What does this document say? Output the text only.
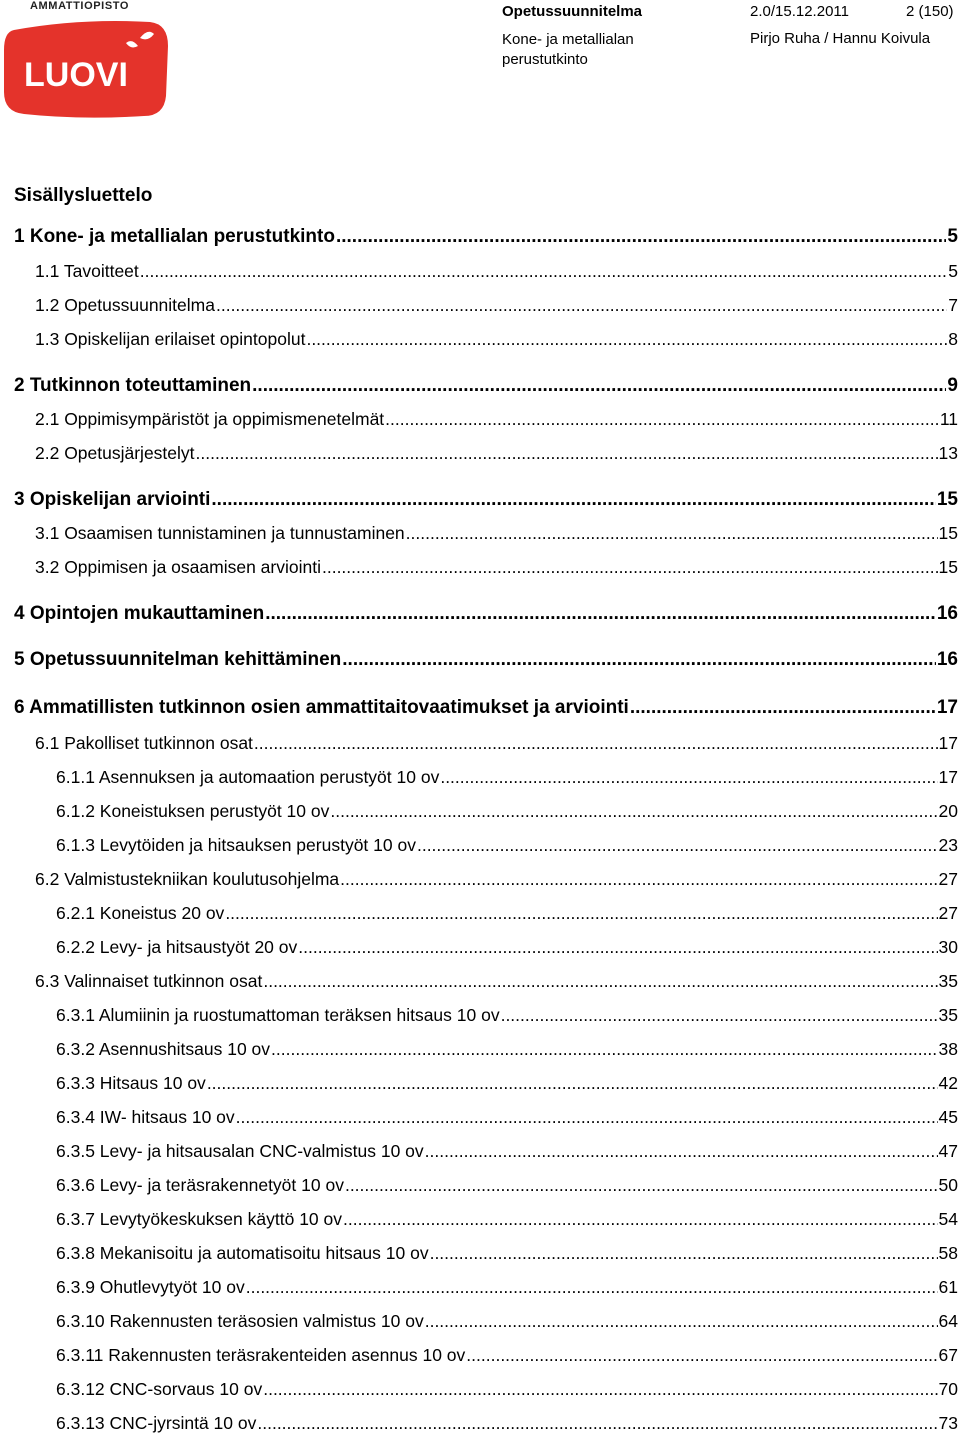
AMMATTIOPISTO
LUOVI
Opetussuunnitelma
Kone- ja metallialan perustutkinto
2.0/15.12.2011	2 (150)
Pirjo Ruha / Hannu Koivula
Sisällysluettelo
1 Kone- ja metallialan perustutkinto .....	5
1.1 Tavoitteet .....	5
1.2 Opetussuunnitelma .....	7
1.3 Opiskelijan erilaiset opintopolut .....	8
2 Tutkinnon toteuttaminen .....	9
2.1 Oppimisympäristöt ja oppimismenetelmät .....	11
2.2 Opetusjärjestelyt .....	13
3 Opiskelijan arviointi .....	15
3.1 Osaamisen tunnistaminen ja tunnustaminen .....	15
3.2 Oppimisen ja osaamisen arviointi .....	15
4 Opintojen mukauttaminen .....	16
5 Opetussuunnitelman kehittäminen .....	16
6 Ammatillisten tutkinnon osien ammattitaitovaatimukset ja arviointi .....	17
6.1 Pakolliset tutkinnon osat .....	17
6.1.1 Asennuksen ja automaation perustyöt 10 ov .....	17
6.1.2 Koneistuksen perustyöt 10 ov .....	20
6.1.3 Levytöiden ja hitsauksen perustyöt 10 ov .....	23
6.2 Valmistustekniikan koulutusohjelma .....	27
6.2.1 Koneistus 20 ov .....	27
6.2.2 Levy- ja hitsaustyöt 20 ov .....	30
6.3 Valinnaiset tutkinnon osat .....	35
6.3.1 Alumiinin ja ruostumattoman teräksen hitsaus 10 ov .....	35
6.3.2 Asennushitsaus 10 ov .....	38
6.3.3 Hitsaus 10 ov .....	42
6.3.4 IW- hitsaus 10 ov .....	45
6.3.5 Levy- ja hitsausalan CNC-valmistus 10 ov .....	47
6.3.6 Levy- ja teräsrakennetyöt 10 ov .....	50
6.3.7 Levytyökeskuksen käyttö 10 ov .....	54
6.3.8 Mekanisoitu ja automatisoitu hitsaus 10 ov .....	58
6.3.9 Ohutlevytyöt 10 ov .....	61
6.3.10 Rakennusten teräsosien valmistus 10 ov .....	64
6.3.11 Rakennusten teräsrakenteiden asennus 10 ov .....	67
6.3.12 CNC-sorvaus 10 ov .....	70
6.3.13 CNC-jyrsintä 10 ov .....	73
